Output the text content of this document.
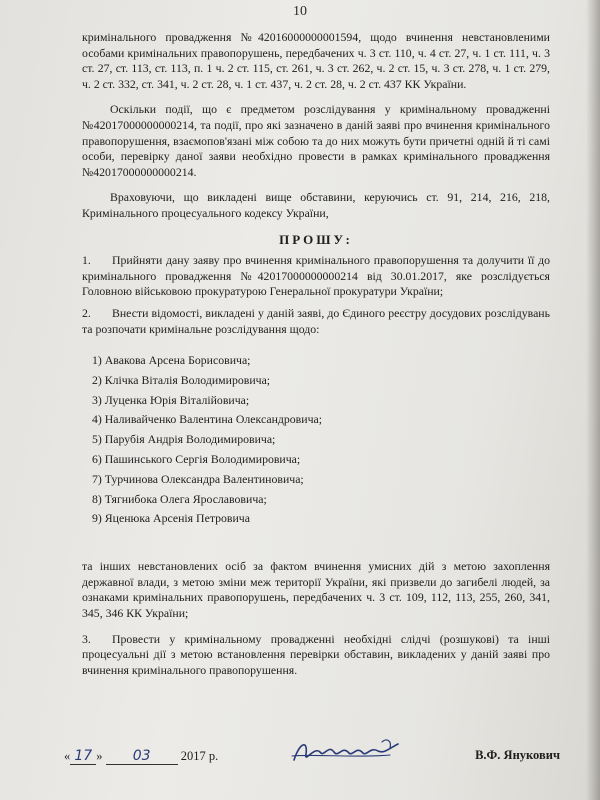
10

кримінального провадження №42016000000001594, щодо вчинення невстановленими особами кримінальних правопорушень, передбачених ч. 3 ст. 110, ч. 4 ст. 27, ч. 1 ст. 111, ч. 3 ст. 27, ст. 113, ст. 113, п. 1 ч. 2 ст. 115, ст. 261, ч. 3 ст. 262, ч. 2 ст. 15, ч. 3 ст. 278, ч. 1 ст. 279, ч. 2 ст. 332, ст. 341, ч. 2 ст. 28, ч. 1 ст. 437, ч. 2 ст. 28, ч. 2 ст. 437 КК України.

Оскільки події, що є предметом розслідування у кримінальному провадженні №42017000000000214, та події, про які зазначено в даній заяві про вчинення кримінального правопорушення, взаємопов'язані між собою та до них можуть бути причетні одній й ті самі особи, перевірку даної заяви необхідно провести в рамках кримінального провадження №42017000000000214.

Враховуючи, що викладені вище обставини, керуючись ст. 91, 214, 216, 218, Кримінального процесуального кодексу України,

ПРОШУ:
1. Прийняти дану заяву про вчинення кримінального правопорушення та долучити її до кримінального провадження №42017000000000214 від 30.01.2017, яке розслідується Головною військовою прокуратурою Генеральної прокуратури України;
2. Внести відомості, викладені у даній заяві, до Єдиного реєстру досудових розслідувань та розпочати кримінальне розслідування щодо:
1) Авакова Арсена Борисовича;
2) Клічка Віталія Володимировича;
3) Луценка Юрія Віталійовича;
4) Наливайченко Валентина Олександровича;
5) Парубія Андрія Володимировича;
6) Пашинського Сергія Володимировича;
7) Турчинова Олександра Валентиновича;
8) Тягнибока Олега Ярославовича;
9) Яценюка Арсенія Петровича

та інших невстановлених осіб за фактом вчинення умисних дій з метою захоплення державної влади, з метою зміни меж території України, які призвели до загибелі людей, за ознаками кримінальних правопорушень, передбачених ч. 3 ст. 109, 112, 113, 255, 260, 341, 345, 346 КК України;

3. Провести у кримінальному провадженні необхідні слідчі (розшукові) та інші процесуальні дії з метою встановлення перевірки обставин, викладених у даній заяві про вчинення кримінального правопорушення.
« 17 » 03 2017 р.	В.Ф. Янукович
